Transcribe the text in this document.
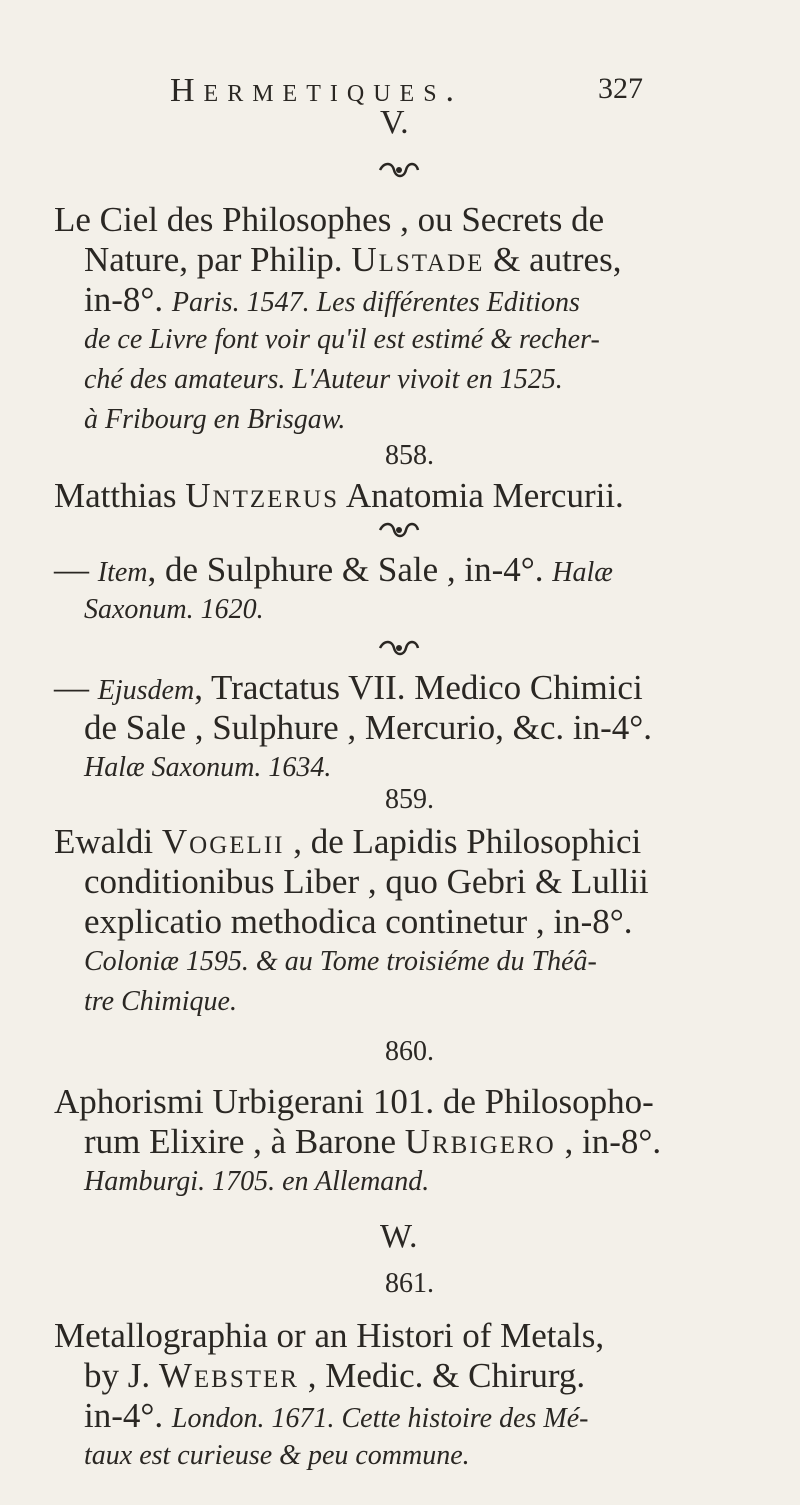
Hermetiques.	327
V.
Le Ciel des Philosophes , ou Secrets de
Nature, par Philip. Ulstade & autres,
in-8°. Paris. 1547. Les différentes Editions
de ce Livre font voir qu'il est estimé & recher-
ché des amateurs. L'Auteur vivoit en 1525.
à Fribourg en Brisgaw.
858.
Matthias Untzerus Anatomia Mercurii.
— Item, de Sulphure & Sale , in-4°. Halæ
Saxonum. 1620.
— Ejusdem, Tractatus VII. Medico Chimici
de Sale , Sulphure , Mercurio, &c. in-4°.
Halæ Saxonum. 1634.
859.
Ewaldi Vogelii , de Lapidis Philosophici
conditionibus Liber , quo Gebri & Lullii
explicatio methodica continetur , in-8°.
Coloniæ 1595. & au Tome troisiéme du Théâ-
tre Chimique.
860.
Aphorismi Urbigerani 101. de Philosopho-
rum Elixire , à Barone Urbigero , in-8°.
Hamburgi. 1705. en Allemand.
W.
861.
Metallographia or an Histori of Metals,
by J. Webster , Medic. & Chirurg.
in-4°. London. 1671. Cette histoire des Mé-
taux est curieuse & peu commune.
